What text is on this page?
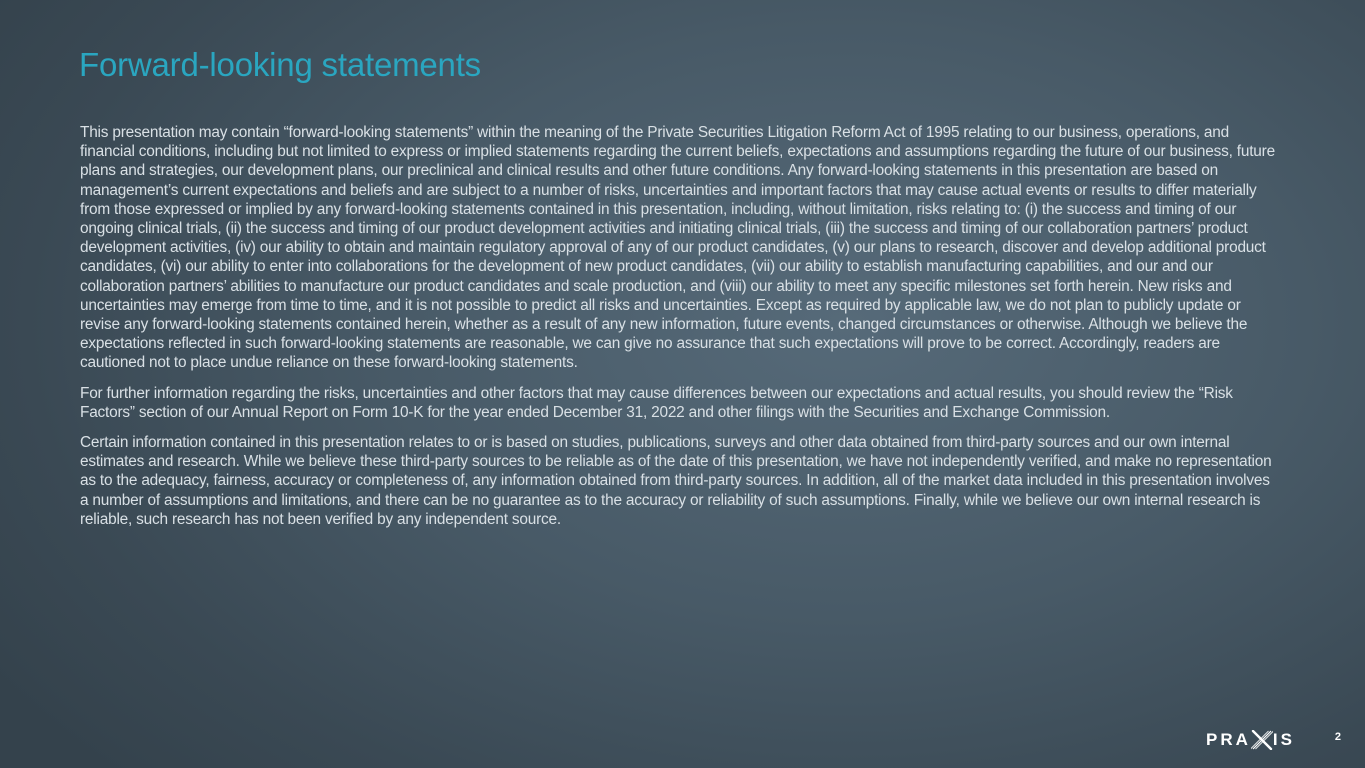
Forward-looking statements

This presentation may contain “forward-looking statements” within the meaning of the Private Securities Litigation Reform Act of 1995 relating to our business, operations, and financial conditions, including but not limited to express or implied statements regarding the current beliefs, expectations and assumptions regarding the future of our business, future plans and strategies, our development plans, our preclinical and clinical results and other future conditions. Any forward-looking statements in this presentation are based on management’s current expectations and beliefs and are subject to a number of risks, uncertainties and important factors that may cause actual events or results to differ materially from those expressed or implied by any forward-looking statements contained in this presentation, including, without limitation, risks relating to: (i) the success and timing of our ongoing clinical trials, (ii) the success and timing of our product development activities and initiating clinical trials, (iii) the success and timing of our collaboration partners’ product development activities, (iv) our ability to obtain and maintain regulatory approval of any of our product candidates, (v) our plans to research, discover and develop additional product candidates, (vi) our ability to enter into collaborations for the development of new product candidates, (vii) our ability to establish manufacturing capabilities, and our and our collaboration partners’ abilities to manufacture our product candidates and scale production, and (viii) our ability to meet any specific milestones set forth herein. New risks and uncertainties may emerge from time to time, and it is not possible to predict all risks and uncertainties. Except as required by applicable law, we do not plan to publicly update or revise any forward-looking statements contained herein, whether as a result of any new information, future events, changed circumstances or otherwise. Although we believe the expectations reflected in such forward-looking statements are reasonable, we can give no assurance that such expectations will prove to be correct. Accordingly, readers are cautioned not to place undue reliance on these forward-looking statements.

For further information regarding the risks, uncertainties and other factors that may cause differences between our expectations and actual results, you should review the “Risk Factors” section of our Annual Report on Form 10-K for the year ended December 31, 2022 and other filings with the Securities and Exchange Commission.

Certain information contained in this presentation relates to or is based on studies, publications, surveys and other data obtained from third-party sources and our own internal estimates and research. While we believe these third-party sources to be reliable as of the date of this presentation, we have not independently verified, and make no representation as to the adequacy, fairness, accuracy or completeness of, any information obtained from third-party sources. In addition, all of the market data included in this presentation involves a number of assumptions and limitations, and there can be no guarantee as to the accuracy or reliability of such assumptions. Finally, while we believe our own internal research is reliable, such research has not been verified by any independent source.

PRA IS	2
